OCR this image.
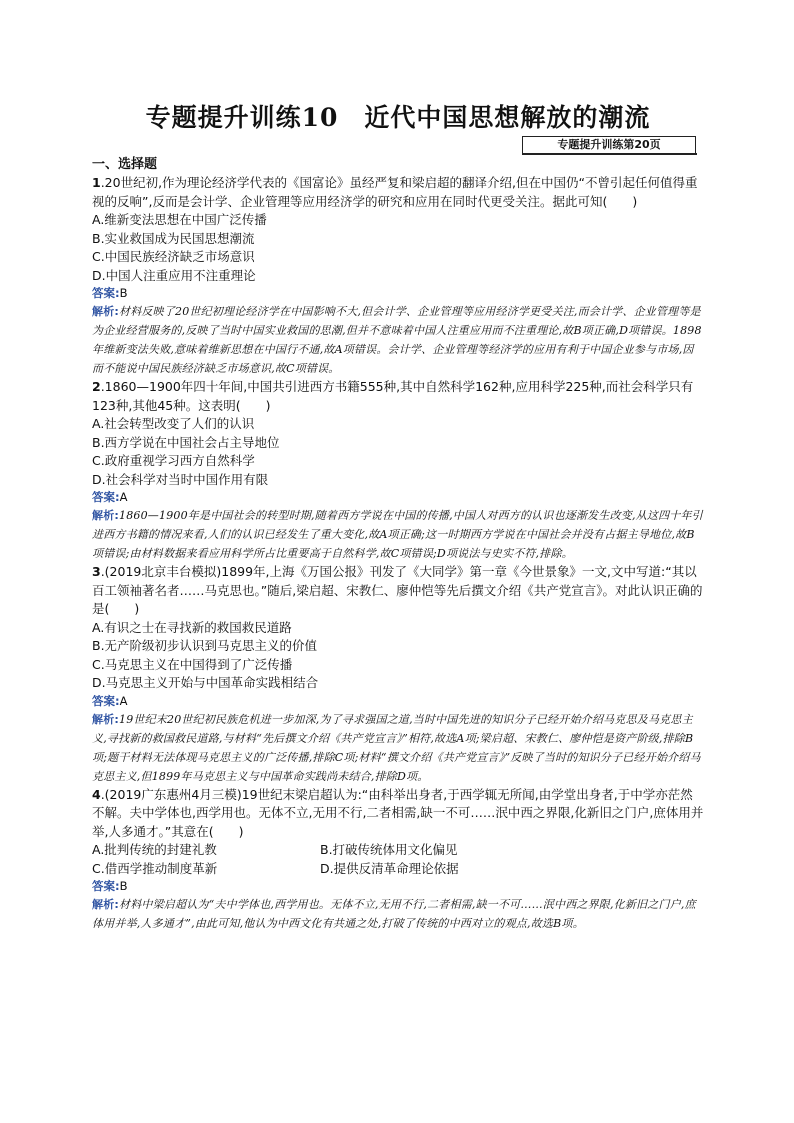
专题提升训练10　近代中国思想解放的潮流
专题提升训练第20页
一、选择题
1.20世纪初,作为理论经济学代表的《国富论》虽经严复和梁启超的翻译介绍,但在中国仍“不曾引起任何值得重视的反响”,反而是会计学、企业管理等应用经济学的研究和应用在同时代更受关注。据此可知(　　)
A.维新变法思想在中国广泛传播
B.实业救国成为民国思想潮流
C.中国民族经济缺乏市场意识
D.中国人注重应用不注重理论
答案:B
解析:材料反映了20世纪初理论经济学在中国影响不大,但会计学、企业管理等应用经济学更受关注,而会计学、企业管理等是为企业经营服务的,反映了当时中国实业救国的思潮,但并不意味着中国人注重应用而不注重理论,故B项正确,D项错误。1898年维新变法失败,意味着维新思想在中国行不通,故A项错误。会计学、企业管理等经济学的应用有利于中国企业参与市场,因而不能说中国民族经济缺乏市场意识,故C项错误。
2.1860—1900年四十年间,中国共引进西方书籍555种,其中自然科学162种,应用科学225种,而社会科学只有123种,其他45种。这表明(　　)
A.社会转型改变了人们的认识
B.西方学说在中国社会占主导地位
C.政府重视学习西方自然科学
D.社会科学对当时中国作用有限
答案:A
解析:1860—1900年是中国社会的转型时期,随着西方学说在中国的传播,中国人对西方的认识也逐渐发生改变,从这四十年引进西方书籍的情况来看,人们的认识已经发生了重大变化,故A项正确;这一时期西方学说在中国社会并没有占据主导地位,故B项错误;由材料数据来看应用科学所占比重要高于自然科学,故C项错误;D项说法与史实不符,排除。
3.(2019北京丰台模拟)1899年,上海《万国公报》刊发了《大同学》第一章《今世景象》一文,文中写道:“其以百工领袖著名者……马克思也。”随后,梁启超、宋教仁、廖仲恺等先后撰文介绍《共产党宣言》。对此认识正确的是(　　)
A.有识之士在寻找新的救国救民道路
B.无产阶级初步认识到马克思主义的价值
C.马克思主义在中国得到了广泛传播
D.马克思主义开始与中国革命实践相结合
答案:A
解析:19世纪末20世纪初民族危机进一步加深,为了寻求强国之道,当时中国先进的知识分子已经开始介绍马克思及马克思主义,寻找新的救国救民道路,与材料“先后撰文介绍《共产党宣言》”相符,故选A项;梁启超、宋教仁、廖仲恺是资产阶级,排除B项;题干材料无法体现马克思主义的广泛传播,排除C项;材料“撰文介绍《共产党宣言》”反映了当时的知识分子已经开始介绍马克思主义,但1899年马克思主义与中国革命实践尚未结合,排除D项。
4.(2019广东惠州4月三模)19世纪末梁启超认为:“由科举出身者,于西学辄无所闻,由学堂出身者,于中学亦茫然不解。夫中学体也,西学用也。无体不立,无用不行,二者相需,缺一不可……泯中西之界限,化新旧之门户,庶体用并举,人多通才。”其意在(　　)
A.批判传统的封建礼教	B.打破传统体用文化偏见
C.借西学推动制度革新	D.提供反清革命理论依据
答案:B
解析:材料中梁启超认为“夫中学体也,西学用也。无体不立,无用不行,二者相需,缺一不可……泯中西之界限,化新旧之门户,庶体用并举,人多通才”,由此可知,他认为中西文化有共通之处,打破了传统的中西对立的观点,故选B项。
